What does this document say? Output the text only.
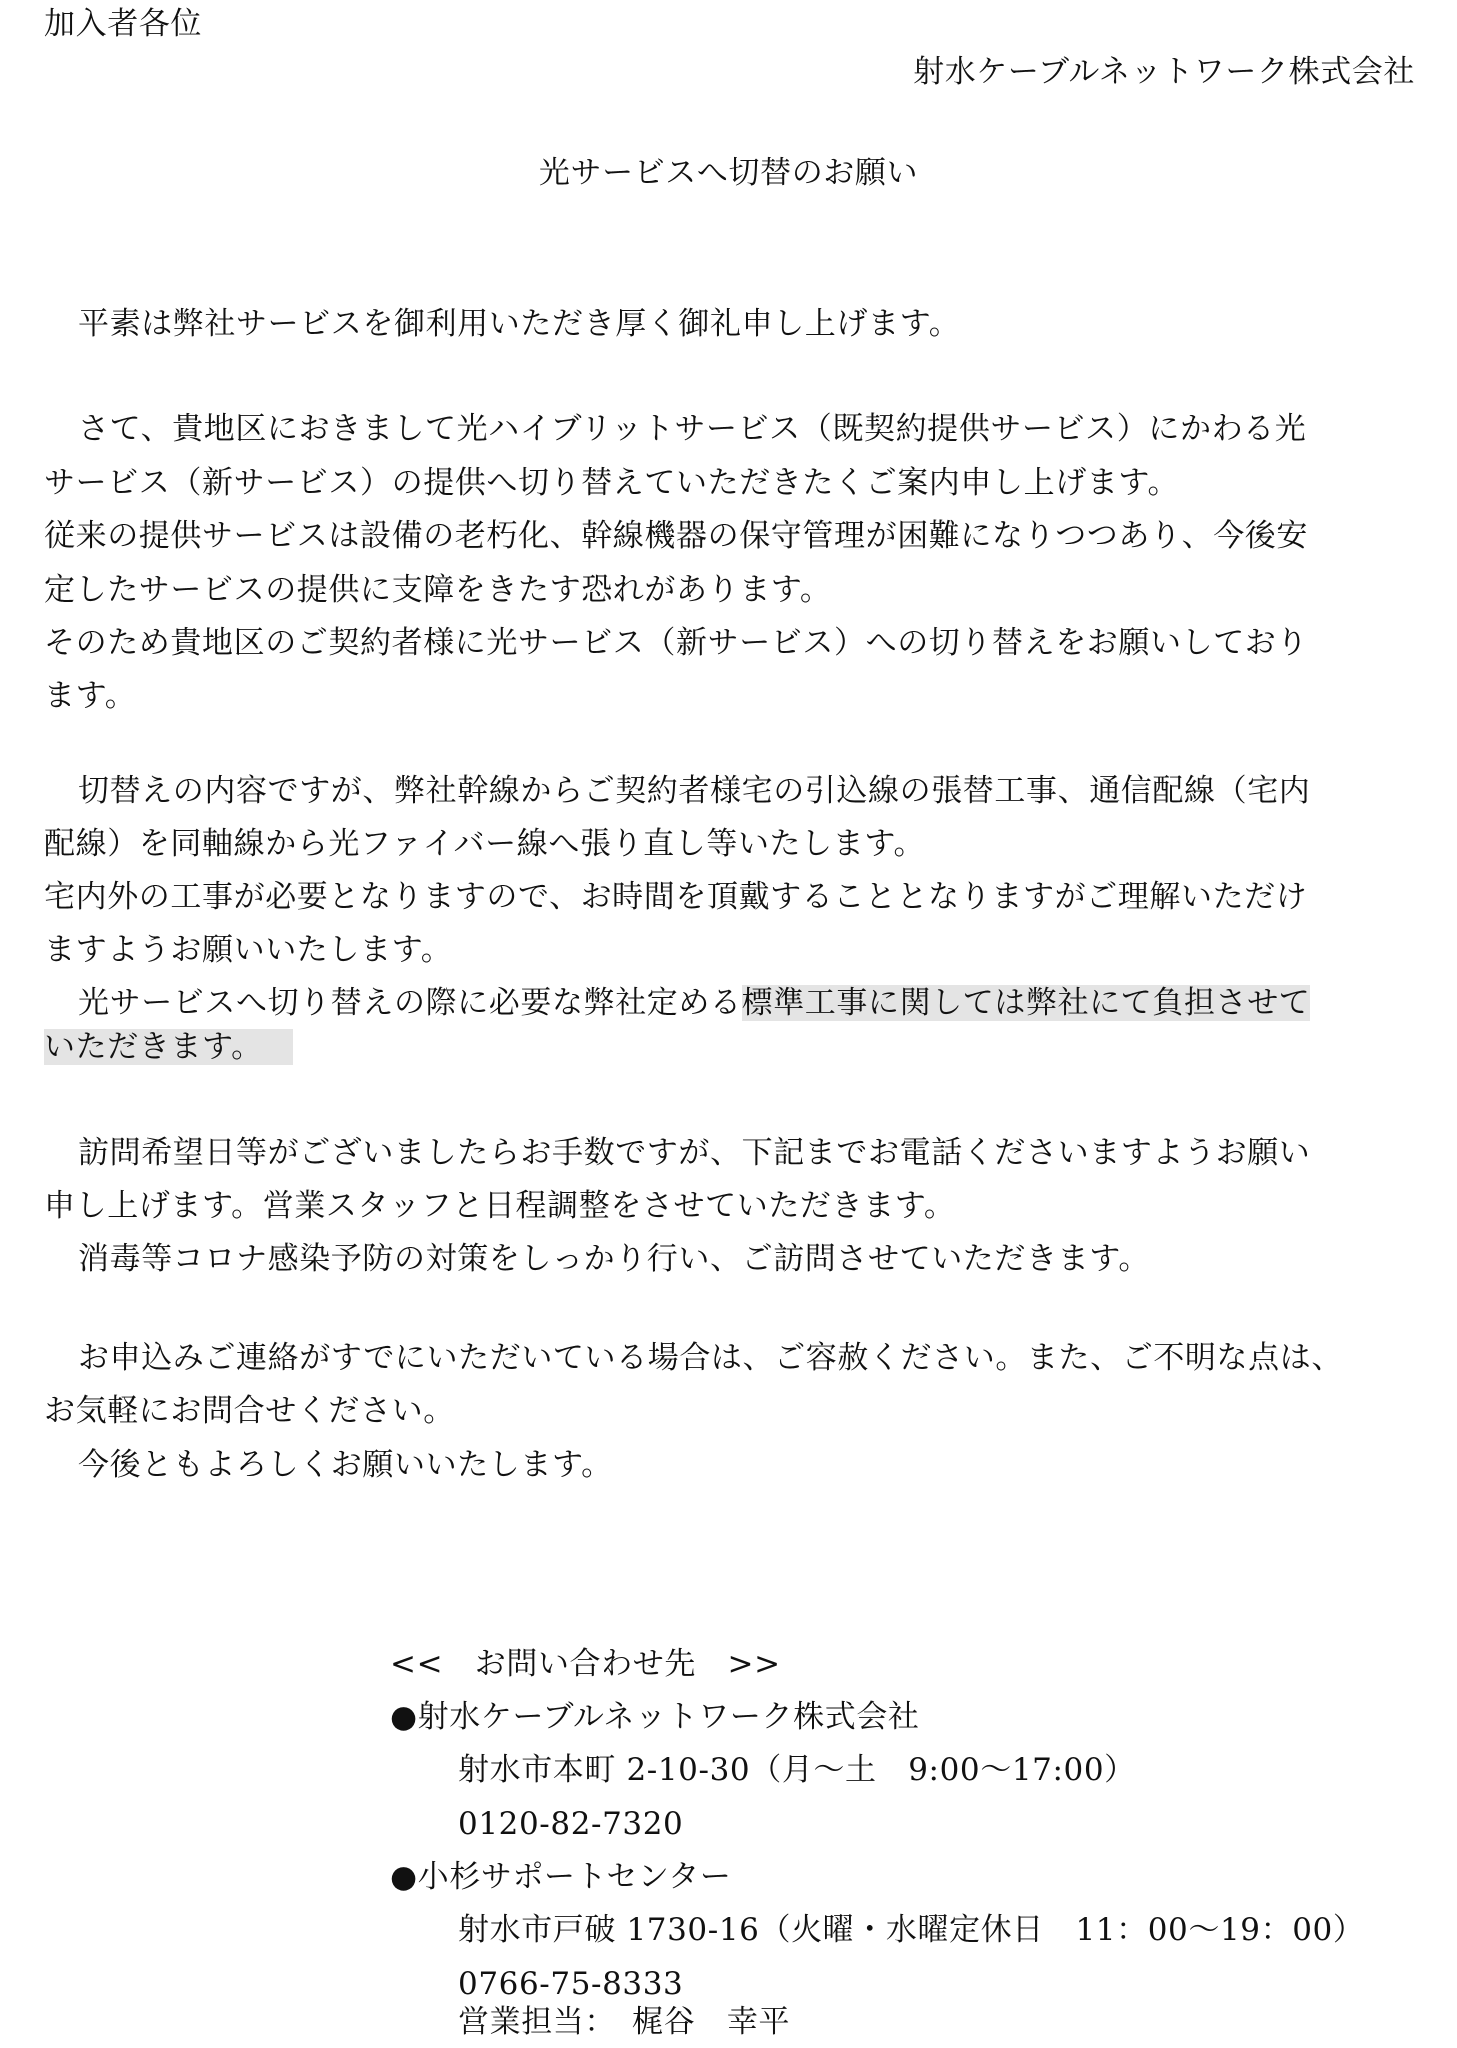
加入者各位
射水ケーブルネットワーク株式会社
光サービスへ切替のお願い
平素は弊社サービスを御利用いただき厚く御礼申し上げます。
さて、貴地区におきまして光ハイブリットサービス（既契約提供サービス）にかわる光
サービス（新サービス）の提供へ切り替えていただきたくご案内申し上げます。
従来の提供サービスは設備の老朽化、幹線機器の保守管理が困難になりつつあり、今後安
定したサービスの提供に支障をきたす恐れがあります。
そのため貴地区のご契約者様に光サービス（新サービス）への切り替えをお願いしており
ます。
切替えの内容ですが、弊社幹線からご契約者様宅の引込線の張替工事、通信配線（宅内
配線）を同軸線から光ファイバー線へ張り直し等いたします。
宅内外の工事が必要となりますので、お時間を頂戴することとなりますがご理解いただけ
ますようお願いいたします。
光サービスへ切り替えの際に必要な弊社定める標準工事に関しては弊社にて負担させて
いただきます。
訪問希望日等がございましたらお手数ですが、下記までお電話くださいますようお願い
申し上げます。営業スタッフと日程調整をさせていただきます。
消毒等コロナ感染予防の対策をしっかり行い、ご訪問させていただきます。
お申込みご連絡がすでにいただいている場合は、ご容赦ください。また、ご不明な点は、
お気軽にお問合せください。
今後ともよろしくお願いいたします。
<<　お問い合わせ先　>>
●射水ケーブルネットワーク株式会社
射水市本町 2-10-30（月～土　9:00～17:00）
0120-82-7320
●小杉サポートセンター
射水市戸破 1730-16（火曜・水曜定休日　11：00～19：00）
0766-75-8333
営業担当：　梶谷　幸平
